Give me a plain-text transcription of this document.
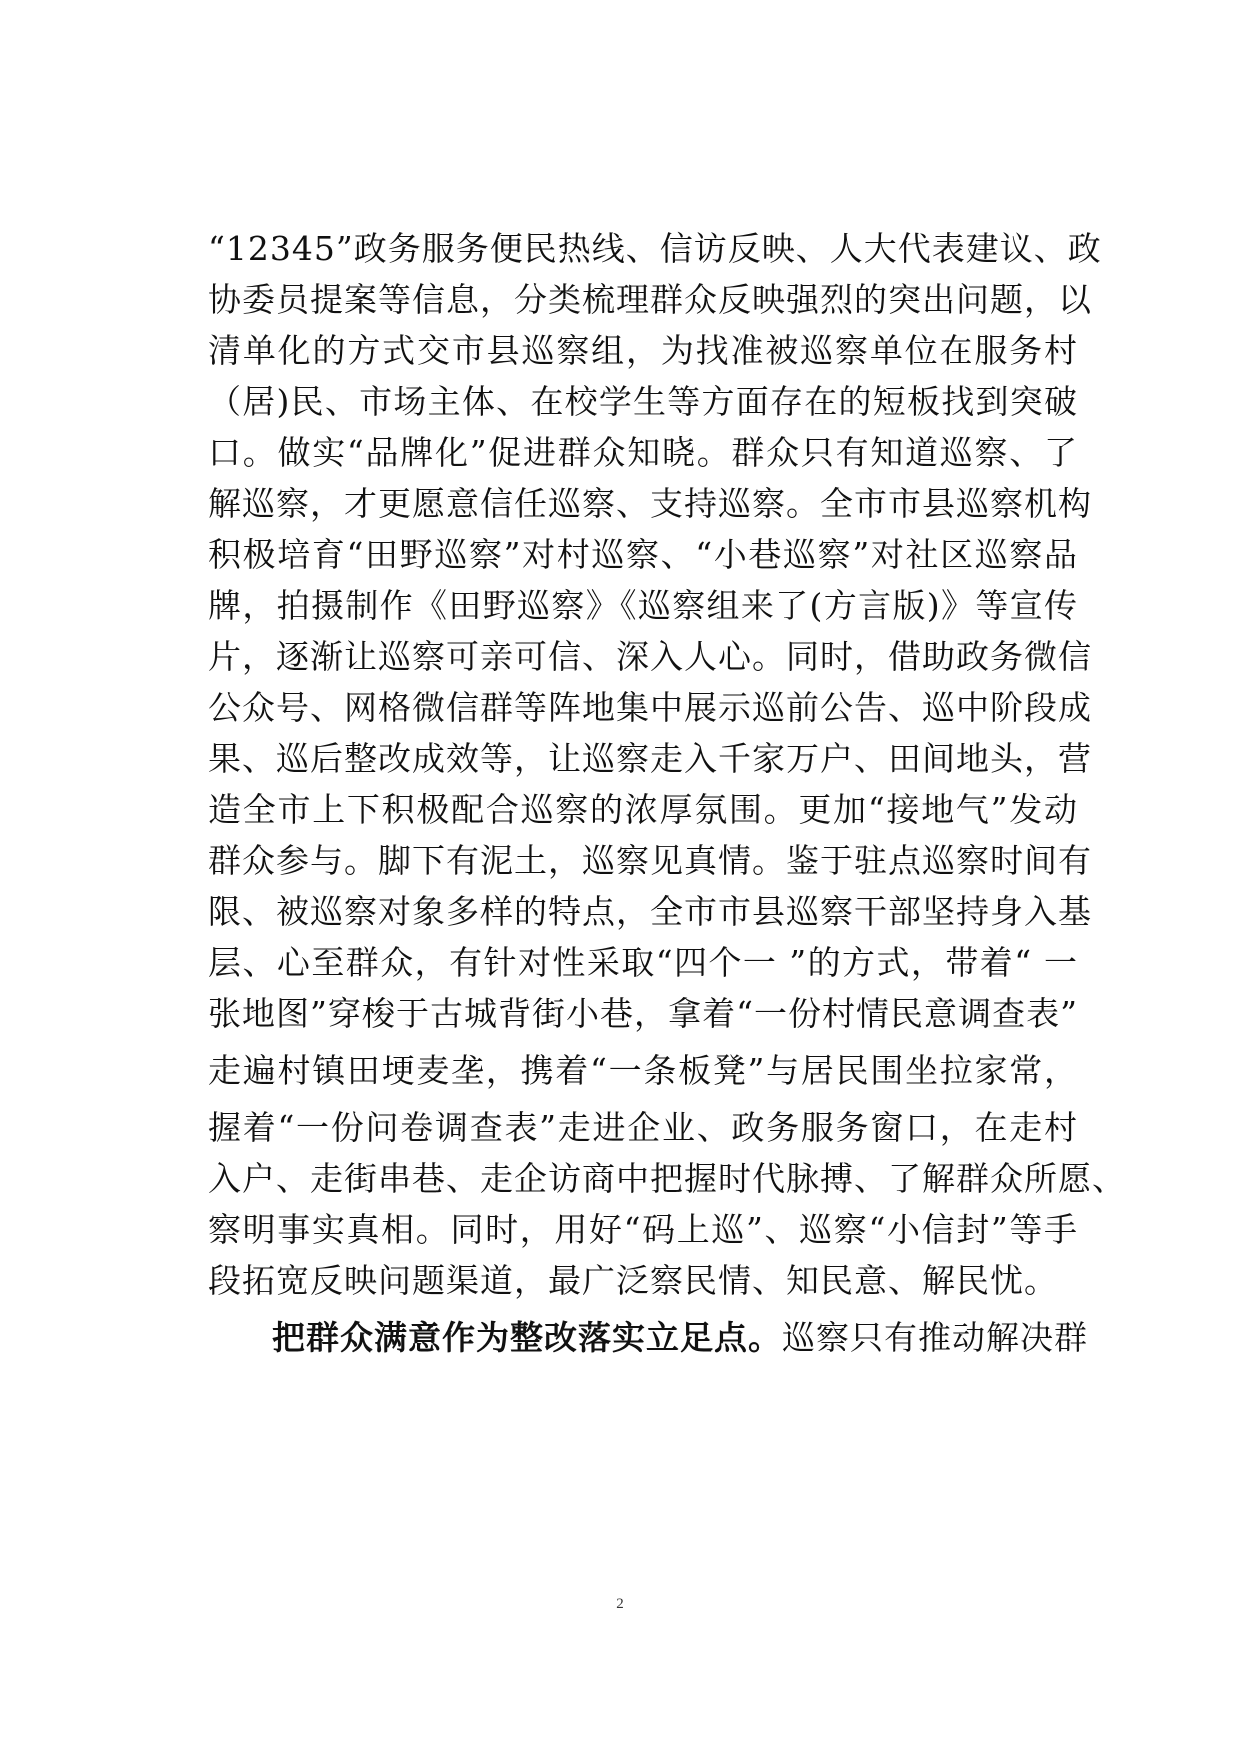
“12345”政务服务便民热线、信访反映、人大代表建议、政
协委员提案等信息，分类梳理群众反映强烈的突出问题，以
清单化的方式交市县巡察组，为找准被巡察单位在服务村
（居)民、市场主体、在校学生等方面存在的短板找到突破
口。做实“品牌化”促进群众知晓。群众只有知道巡察、了
解巡察，才更愿意信任巡察、支持巡察。全市市县巡察机构
积极培育“田野巡察”对村巡察、“小巷巡察”对社区巡察品
牌，拍摄制作《田野巡察》《巡察组来了(方言版)》等宣传
片，逐渐让巡察可亲可信、深入人心。同时，借助政务微信
公众号、网格微信群等阵地集中展示巡前公告、巡中阶段成
果、巡后整改成效等，让巡察走入千家万户、田间地头，营
造全市上下积极配合巡察的浓厚氛围。更加“接地气”发动
群众参与。脚下有泥土，巡察见真情。鉴于驻点巡察时间有
限、被巡察对象多样的特点，全市市县巡察干部坚持身入基
层、心至群众，有针对性采取“四个一 ”的方式，带着“ 一
张地图”穿梭于古城背街小巷，拿着“一份村情民意调查表”
走遍村镇田埂麦垄，携着“一条板凳”与居民围坐拉家常，
握着“一份问卷调查表”走进企业、政务服务窗口，在走村
入户、走街串巷、走企访商中把握时代脉搏、了解群众所愿、
察明事实真相。同时，用好“码上巡”、巡察“小信封”等手
段拓宽反映问题渠道，最广泛察民情、知民意、解民忧。
把群众满意作为整改落实立足点。巡察只有推动解决群
2
